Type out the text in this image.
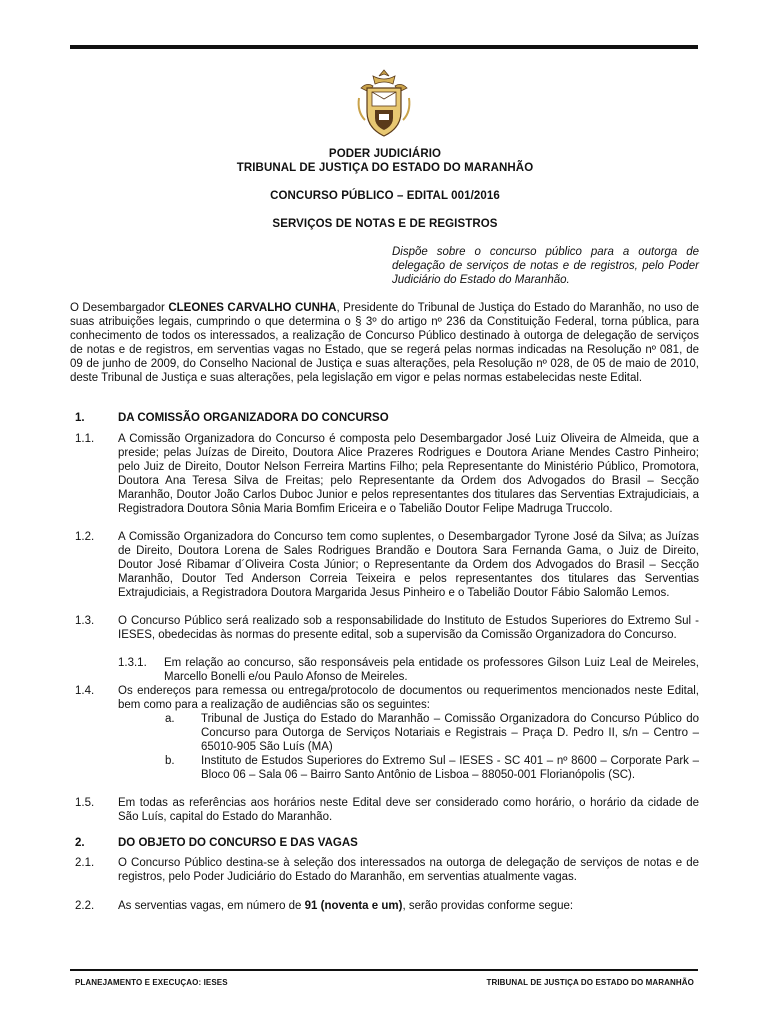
PODER JUDICIÁRIO
TRIBUNAL DE JUSTIÇA DO ESTADO DO MARANHÃO
CONCURSO PÚBLICO – EDITAL 001/2016
SERVIÇOS DE NOTAS E DE REGISTROS
Dispõe sobre o concurso público para a outorga de delegação de serviços de notas e de registros, pelo Poder Judiciário do Estado do Maranhão.
O Desembargador CLEONES CARVALHO CUNHA, Presidente do Tribunal de Justiça do Estado do Maranhão, no uso de suas atribuições legais, cumprindo o que determina o § 3º do artigo nº 236 da Constituição Federal, torna pública, para conhecimento de todos os interessados, a realização de Concurso Público destinado à outorga de delegação de serviços de notas e de registros, em serventias vagas no Estado, que se regerá pelas normas indicadas na Resolução nº 081, de 09 de junho de 2009, do Conselho Nacional de Justiça e suas alterações, pela Resolução nº 028, de 05 de maio de 2010, deste Tribunal de Justiça e suas alterações, pela legislação em vigor e pelas normas estabelecidas neste Edital.
1.	DA COMISSÃO ORGANIZADORA DO CONCURSO
1.1. A Comissão Organizadora do Concurso é composta pelo Desembargador José Luiz Oliveira de Almeida, que a preside; pelas Juízas de Direito, Doutora Alice Prazeres Rodrigues e Doutora Ariane Mendes Castro Pinheiro; pelo Juiz de Direito, Doutor Nelson Ferreira Martins Filho; pela Representante do Ministério Público, Promotora, Doutora Ana Teresa Silva de Freitas; pelo Representante da Ordem dos Advogados do Brasil – Secção Maranhão, Doutor João Carlos Duboc Junior e pelos representantes dos titulares das Serventias Extrajudiciais, a Registradora Doutora Sônia Maria Bomfim Ericeira e o Tabelião Doutor Felipe Madruga Truccolo.
1.2. A Comissão Organizadora do Concurso tem como suplentes, o Desembargador Tyrone José da Silva; as Juízas de Direito, Doutora Lorena de Sales Rodrigues Brandão e Doutora Sara Fernanda Gama, o Juiz de Direito, Doutor José Ribamar d´Oliveira Costa Júnior; o Representante da Ordem dos Advogados do Brasil – Secção Maranhão, Doutor Ted Anderson Correia Teixeira e pelos representantes dos titulares das Serventias Extrajudiciais, a Registradora Doutora Margarida Jesus Pinheiro e o Tabelião Doutor Fábio Salomão Lemos.
1.3. O Concurso Público será realizado sob a responsabilidade do Instituto de Estudos Superiores do Extremo Sul - IESES, obedecidas às normas do presente edital, sob a supervisão da Comissão Organizadora do Concurso.
1.3.1. Em relação ao concurso, são responsáveis pela entidade os professores Gilson Luiz Leal de Meireles, Marcello Bonelli e/ou Paulo Afonso de Meireles.
1.4. Os endereços para remessa ou entrega/protocolo de documentos ou requerimentos mencionados neste Edital, bem como para a realização de audiências são os seguintes:
a. Tribunal de Justiça do Estado do Maranhão – Comissão Organizadora do Concurso Público do Concurso para Outorga de Serviços Notariais e Registrais – Praça D. Pedro II, s/n – Centro – 65010-905 São Luís (MA)
b. Instituto de Estudos Superiores do Extremo Sul – IESES - SC 401 – nº 8600 – Corporate Park – Bloco 06 – Sala 06 – Bairro Santo Antônio de Lisboa – 88050-001 Florianópolis (SC).
1.5. Em todas as referências aos horários neste Edital deve ser considerado como horário, o horário da cidade de São Luís, capital do Estado do Maranhão.
2.	DO OBJETO DO CONCURSO E DAS VAGAS
2.1. O Concurso Público destina-se à seleção dos interessados na outorga de delegação de serviços de notas e de registros, pelo Poder Judiciário do Estado do Maranhão, em serventias atualmente vagas.
2.2. As serventias vagas, em número de 91 (noventa e um), serão providas conforme segue:
PLANEJAMENTO E EXECUÇAO: IESES	TRIBUNAL DE JUSTIÇA DO ESTADO DO MARANHÃO
